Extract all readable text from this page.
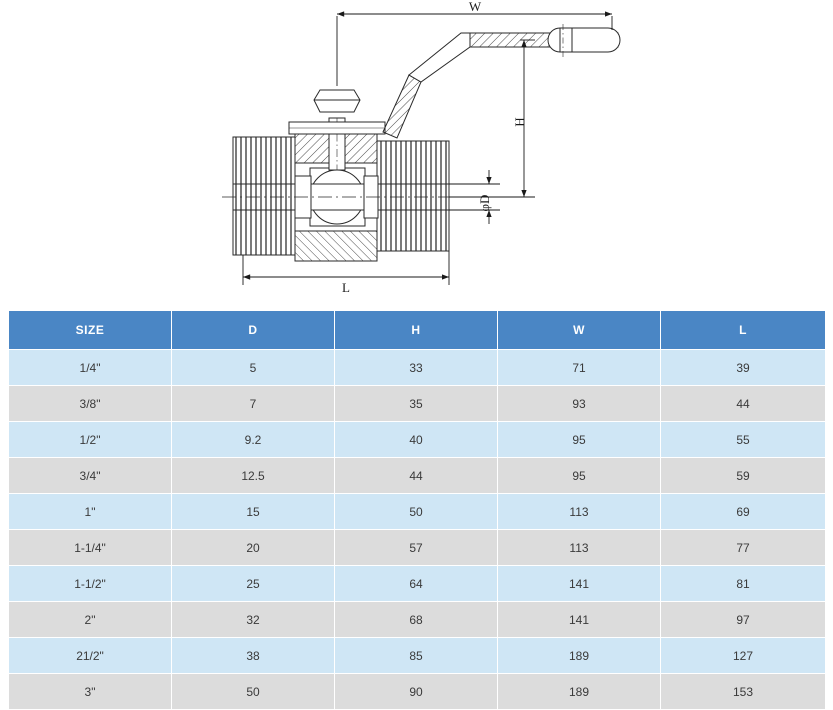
W
H
φD
L
SIZE	D	H	W	L
1/4"	5	33	71	39
3/8"	7	35	93	44
1/2"	9.2	40	95	55
3/4"	12.5	44	95	59
1"	15	50	113	69
1-1/4"	20	57	113	77
1-1/2"	25	64	141	81
2"	32	68	141	97
21/2"	38	85	189	127
3"	50	90	189	153
